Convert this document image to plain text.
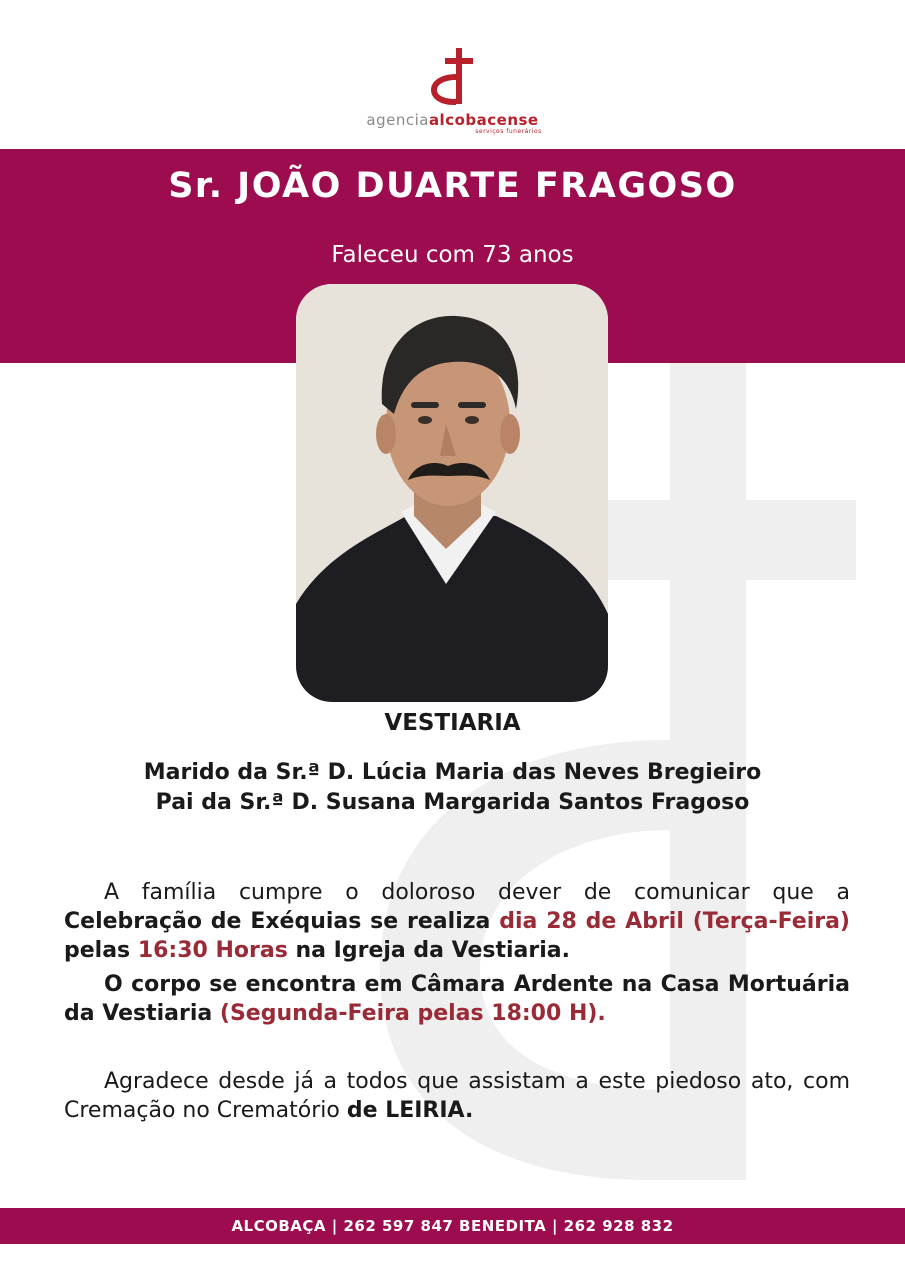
agenciaalcobacense
serviços funerários
Sr. JOÃO DUARTE FRAGOSO
Faleceu com 73 anos
VESTIARIA
Marido da Sr.ª D. Lúcia Maria das Neves Bregieiro
Pai da Sr.ª D. Susana Margarida Santos Fragoso
A família cumpre o doloroso dever de comunicar que a Celebração de Exéquias se realiza dia 28 de Abril (Terça-Feira) pelas 16:30 Horas na Igreja da Vestiaria.
O corpo se encontra em Câmara Ardente na Casa Mortuária da Vestiaria (Segunda-Feira pelas 18:00 H).
Agradece desde já a todos que assistam a este piedoso ato, com Cremação no Crematório de LEIRIA.
ALCOBAÇA | 262 597 847 BENEDITA | 262 928 832
